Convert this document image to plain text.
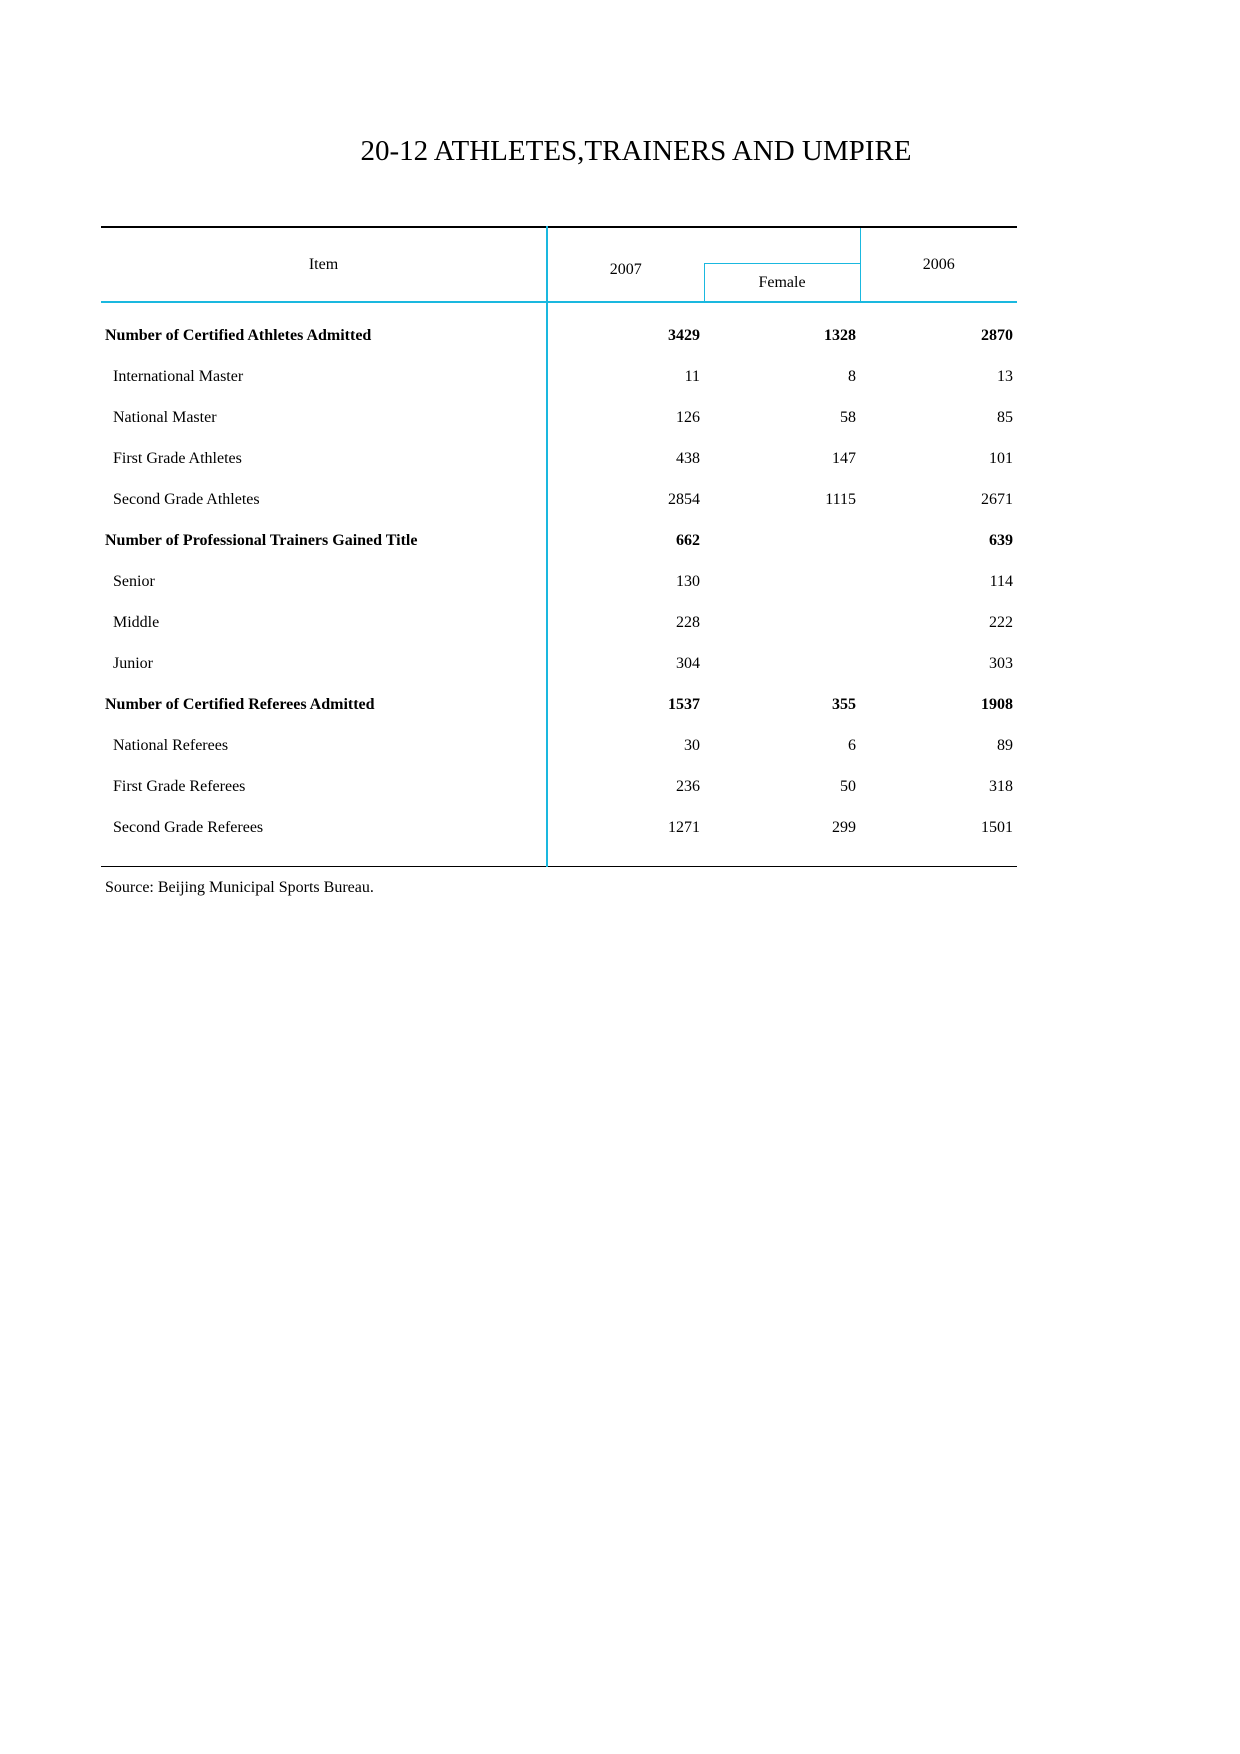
20-12 ATHLETES,TRAINERS AND UMPIRE
Item	2007		2006
		Female	
Number of Certified Athletes Admitted	3429	1328	2870
International Master	11	8	13
National Master	126	58	85
First Grade Athletes	438	147	101
Second Grade Athletes	2854	1115	2671
Number of Professional Trainers Gained Title	662		639
Senior	130		114
Middle	228		222
Junior	304		303
Number of Certified Referees Admitted	1537	355	1908
National Referees	30	6	89
First Grade Referees	236	50	318
Second Grade Referees	1271	299	1501
Source: Beijing Municipal Sports Bureau.
